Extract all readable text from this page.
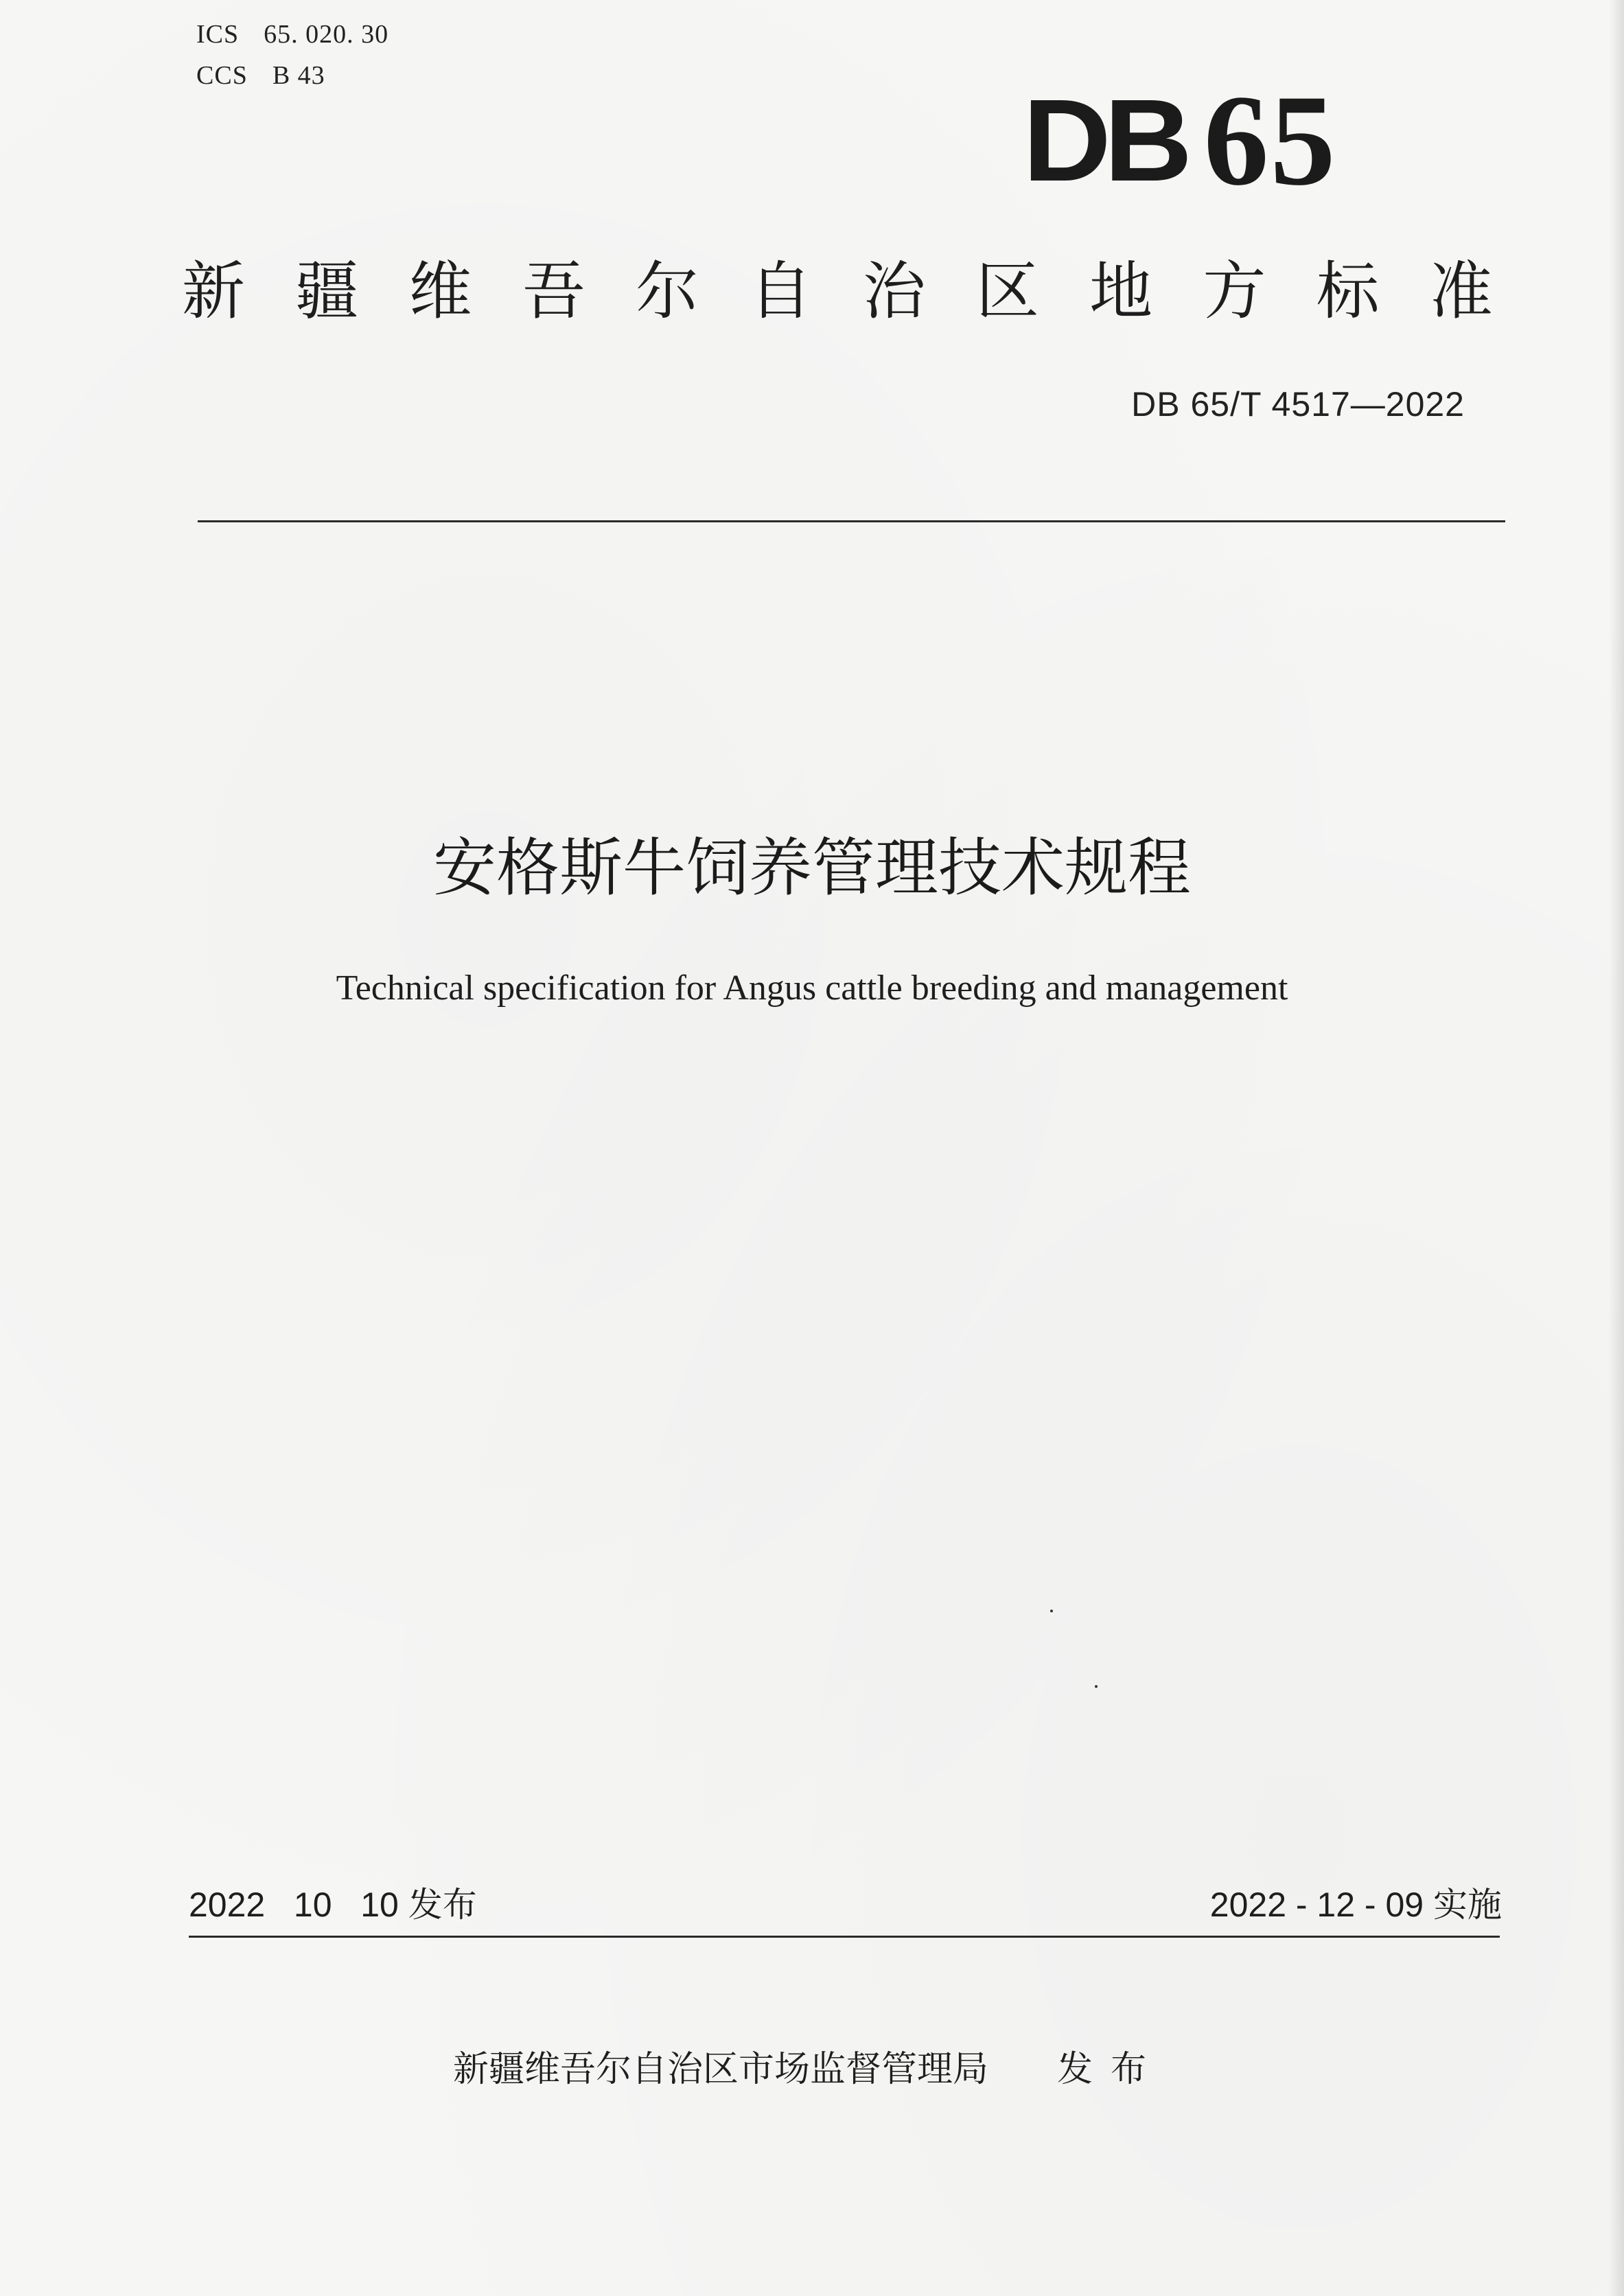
ICS 65. 020. 30
CCS B 43	DB 65
新 疆 维 吾 尔 自 治 区 地 方 标 准
DB 65/T 4517—2022
安格斯牛饲养管理技术规程
Technical specification for Angus cattle breeding and management
2022   10   10 发布	2022 - 12 - 09 实施
新疆维吾尔自治区市场监督管理局 发布
